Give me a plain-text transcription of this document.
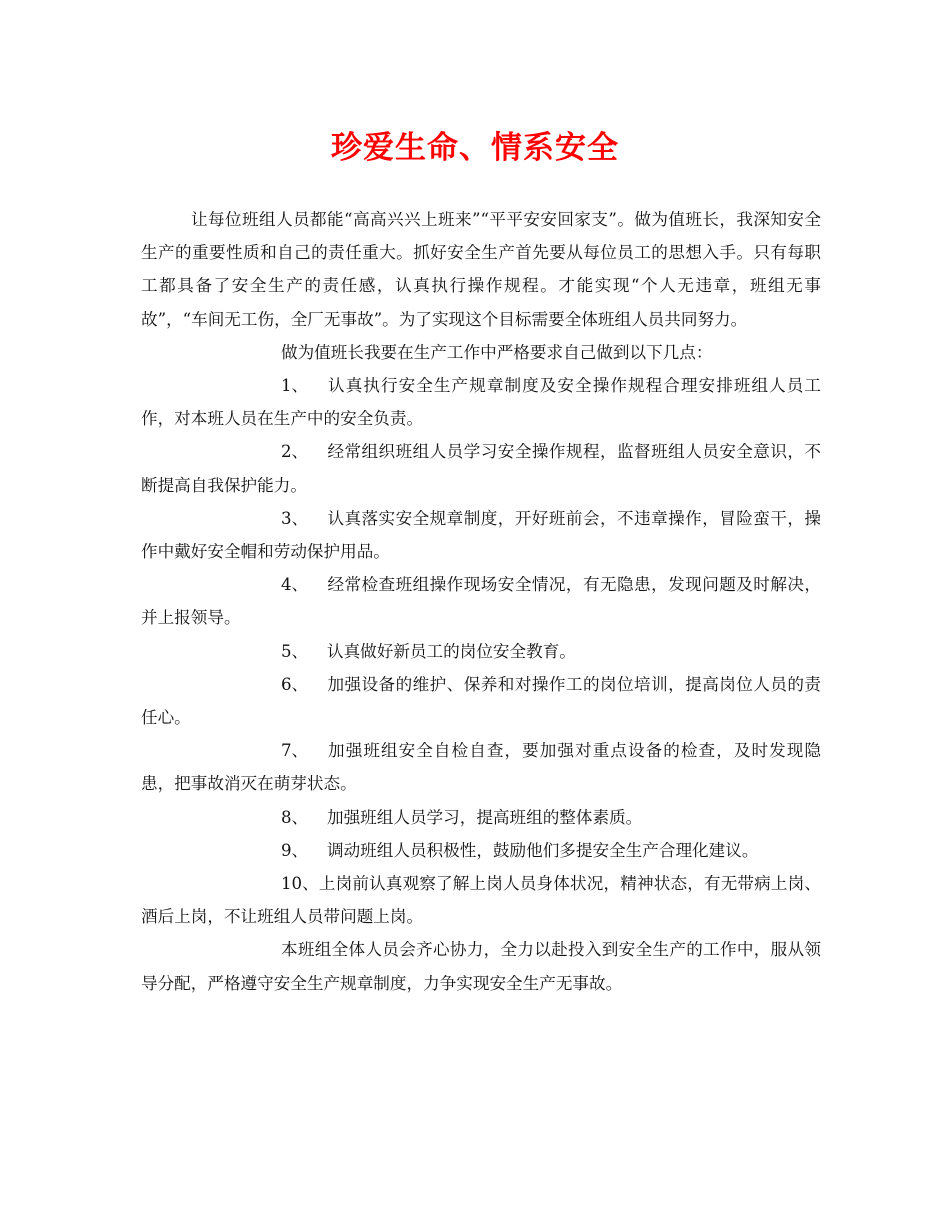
珍爱生命、情系安全

让每位班组人员都能“高高兴兴上班来”“平平安安回家支”。做为值班长，我深知安全生产的重要性质和自己的责任重大。抓好安全生产首先要从每位员工的思想入手。只有每职工都具备了安全生产的责任感，认真执行操作规程。才能实现“个人无违章，班组无事故”，“车间无工伤，全厂无事故”。为了实现这个目标需要全体班组人员共同努力。

做为值班长我要在生产工作中严格要求自己做到以下几点：

1、 认真执行安全生产规章制度及安全操作规程合理安排班组人员工作，对本班人员在生产中的安全负责。

2、 经常组织班组人员学习安全操作规程，监督班组人员安全意识，不断提高自我保护能力。

3、 认真落实安全规章制度，开好班前会，不违章操作，冒险蛮干，操作中戴好安全帽和劳动保护用品。

4、 经常检查班组操作现场安全情况，有无隐患，发现问题及时解决，并上报领导。

5、 认真做好新员工的岗位安全教育。

6、 加强设备的维护、保养和对操作工的岗位培训，提高岗位人员的责任心。

7、 加强班组安全自检自查，要加强对重点设备的检查，及时发现隐患，把事故消灭在萌芽状态。

8、 加强班组人员学习，提高班组的整体素质。

9、 调动班组人员积极性，鼓励他们多提安全生产合理化建议。

10、上岗前认真观察了解上岗人员身体状况，精神状态，有无带病上岗、酒后上岗，不让班组人员带问题上岗。

本班组全体人员会齐心协力，全力以赴投入到安全生产的工作中，服从领导分配，严格遵守安全生产规章制度，力争实现安全生产无事故。
